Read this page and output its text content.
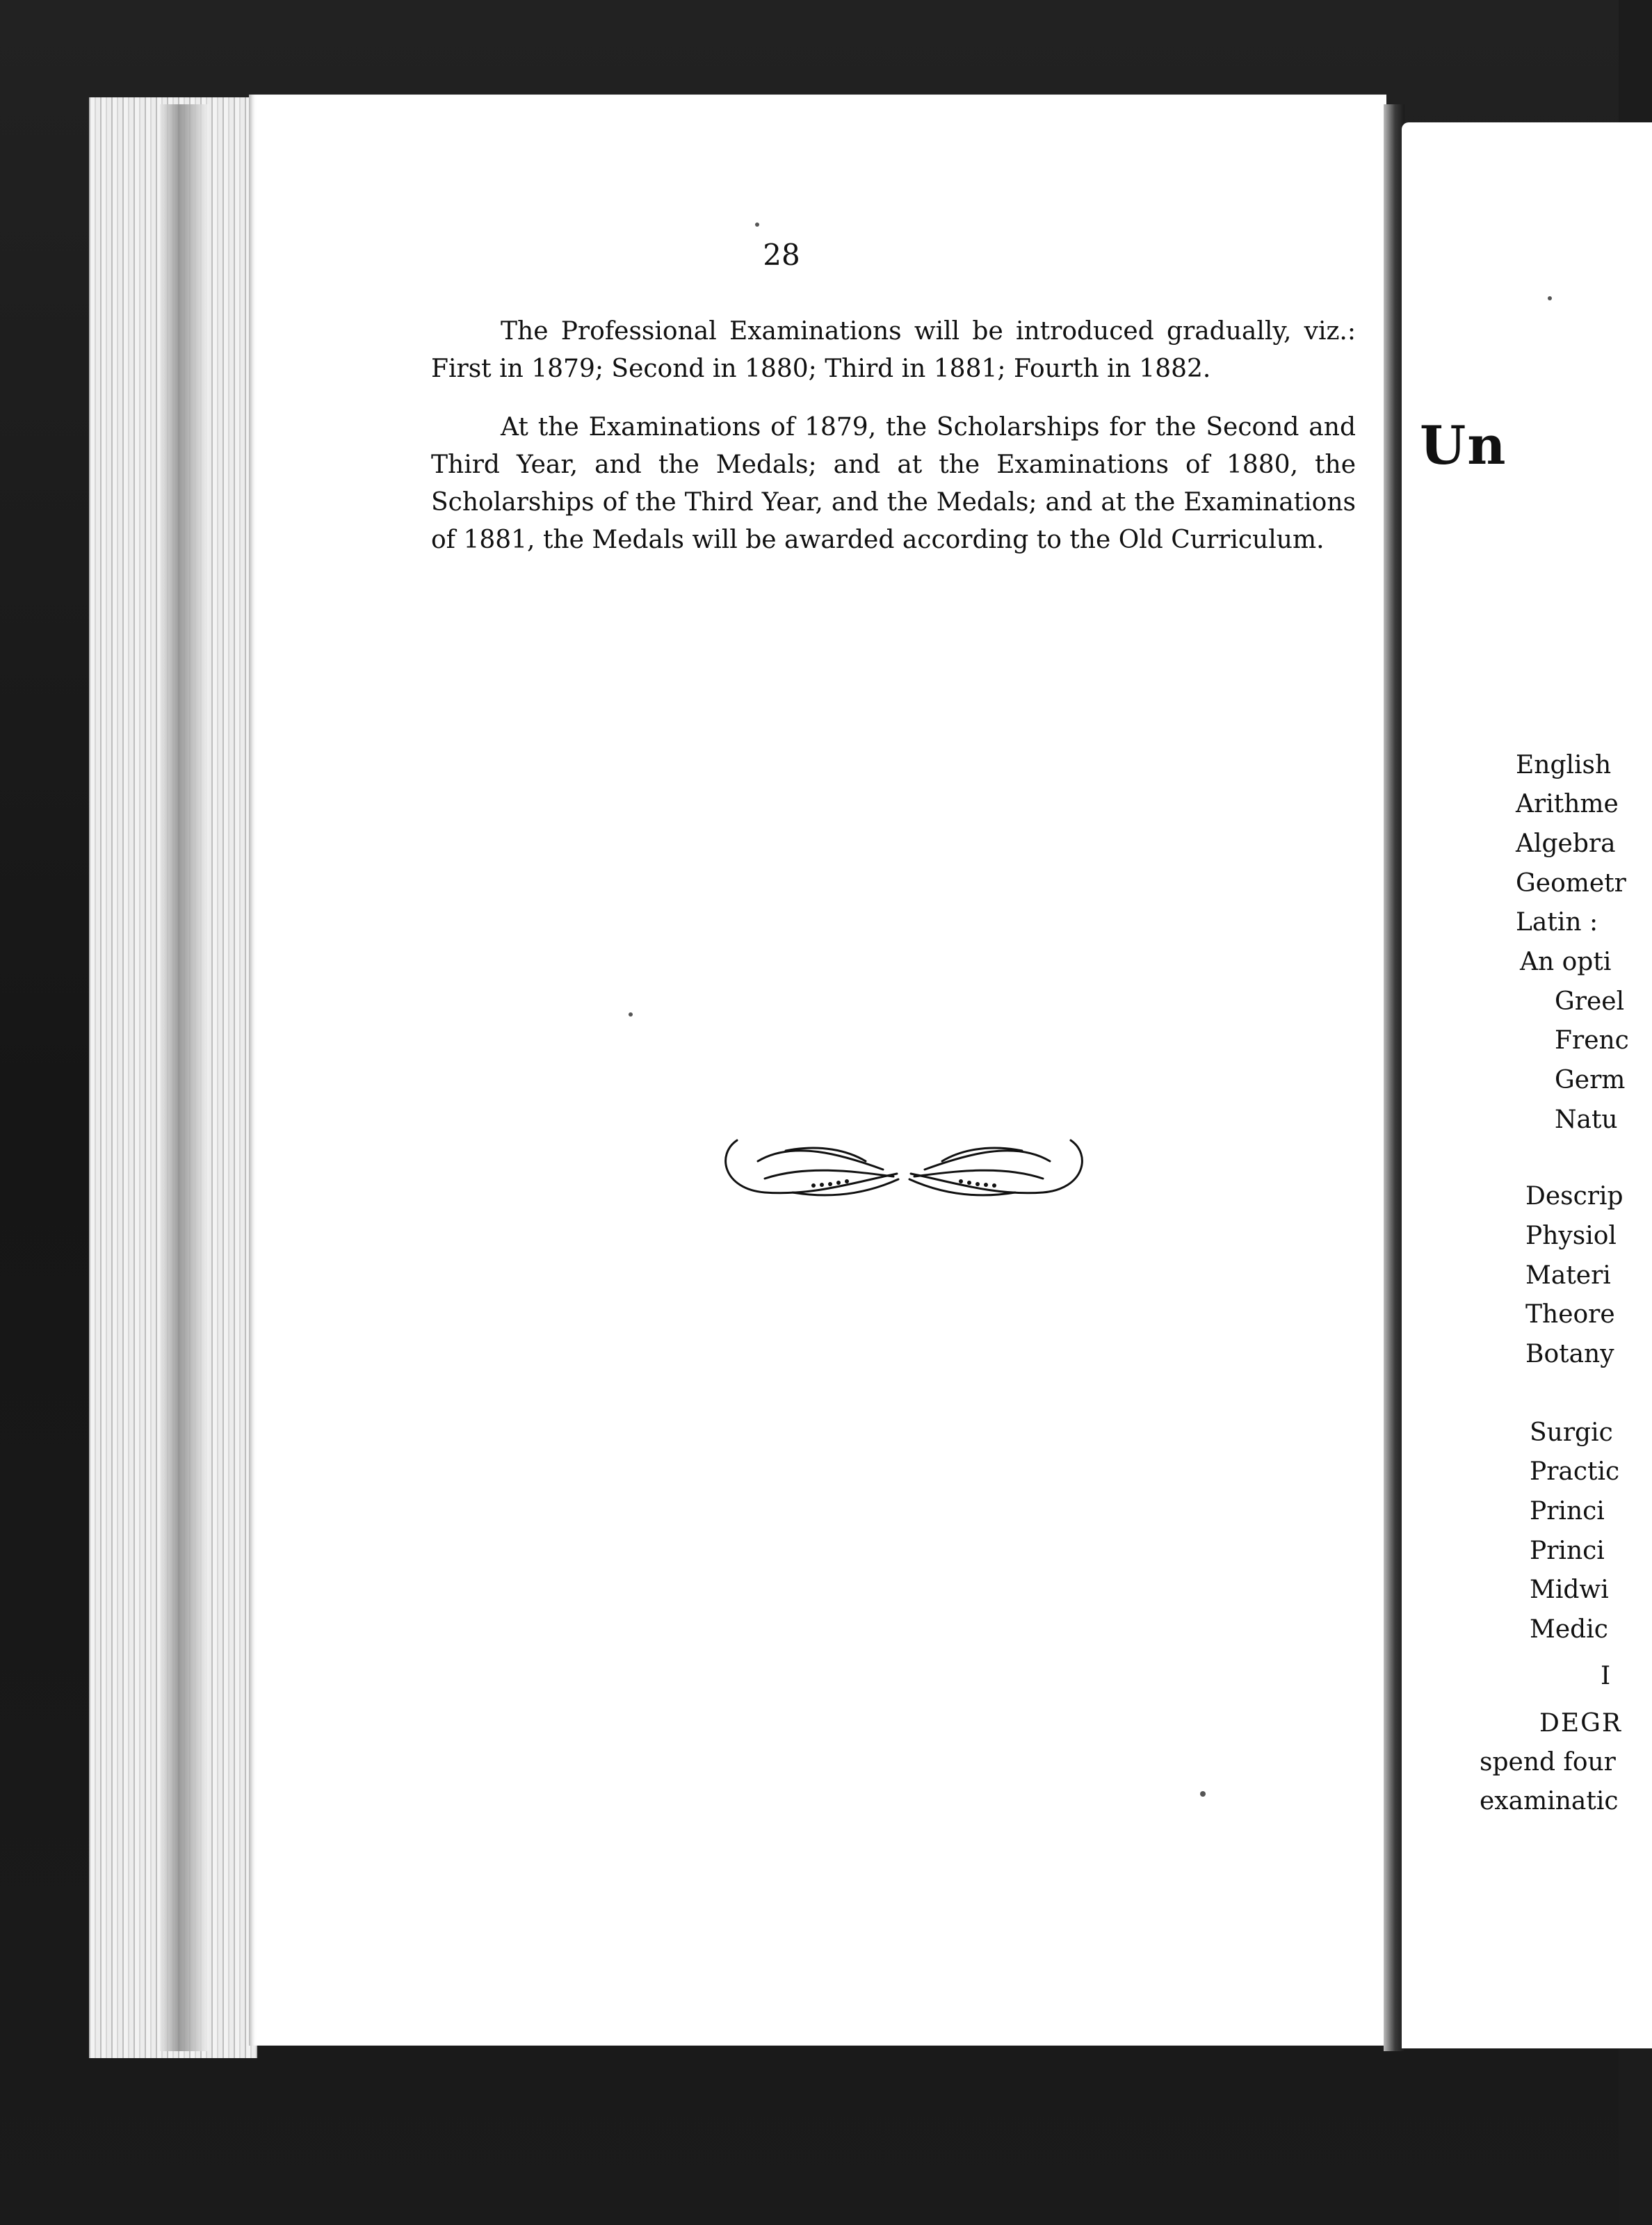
28

The Professional Examinations will be introduced gradually, viz.: First in 1879; Second in 1880; Third in 1881; Fourth in 1882.

At the Examinations of 1879, the Scholarships for the Second and Third Year, and the Medals; and at the Examinations of 1880, the Scholarships of the Third Year, and the Medals; and at the Examinations of 1881, the Medals will be awarded according to the Old Curriculum.

Un
English
Arithme
Algebra
Geometr
Latin :
An opti
Greel
Frenc
Germ
Natu
Descrip
Physiol
Materi
Theore
Botany
Surgic
Practic
Princi
Princi
Midwi
Medic
I
DEGR
spend four
examinatic
